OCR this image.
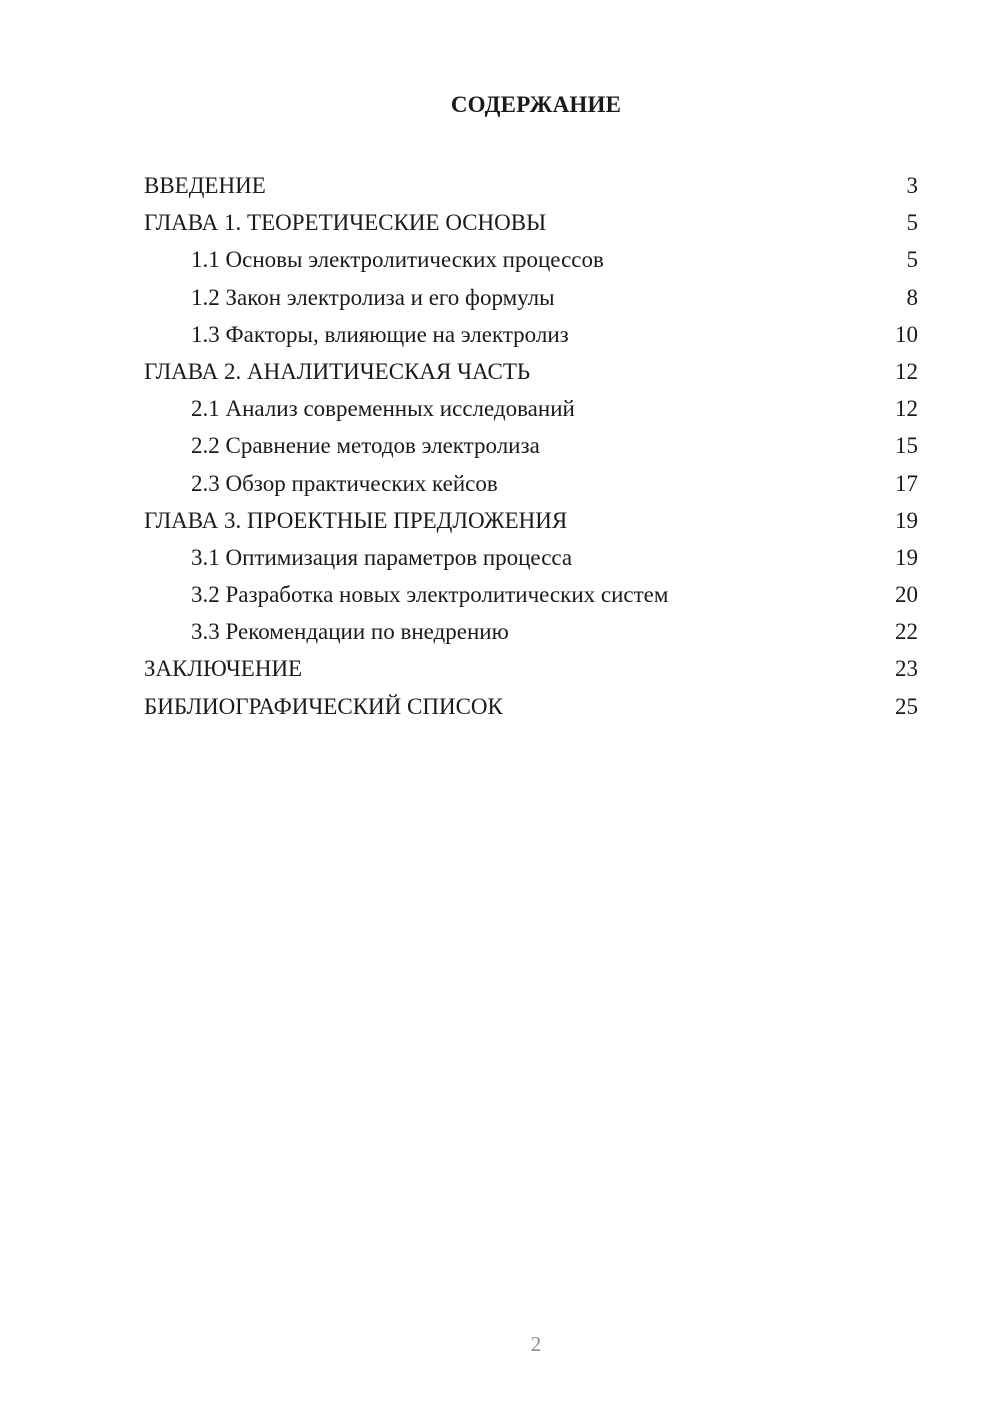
СОДЕРЖАНИЕ
ВВЕДЕНИЕ	3
ГЛАВА 1. ТЕОРЕТИЧЕСКИЕ ОСНОВЫ	5
1.1 Основы электролитических процессов	5
1.2 Закон электролиза и его формулы	8
1.3 Факторы, влияющие на электролиз	10
ГЛАВА 2. АНАЛИТИЧЕСКАЯ ЧАСТЬ	12
2.1 Анализ современных исследований	12
2.2 Сравнение методов электролиза	15
2.3 Обзор практических кейсов	17
ГЛАВА 3. ПРОЕКТНЫЕ ПРЕДЛОЖЕНИЯ	19
3.1 Оптимизация параметров процесса	19
3.2 Разработка новых электролитических систем	20
3.3 Рекомендации по внедрению	22
ЗАКЛЮЧЕНИЕ	23
БИБЛИОГРАФИЧЕСКИЙ СПИСОК	25
2
